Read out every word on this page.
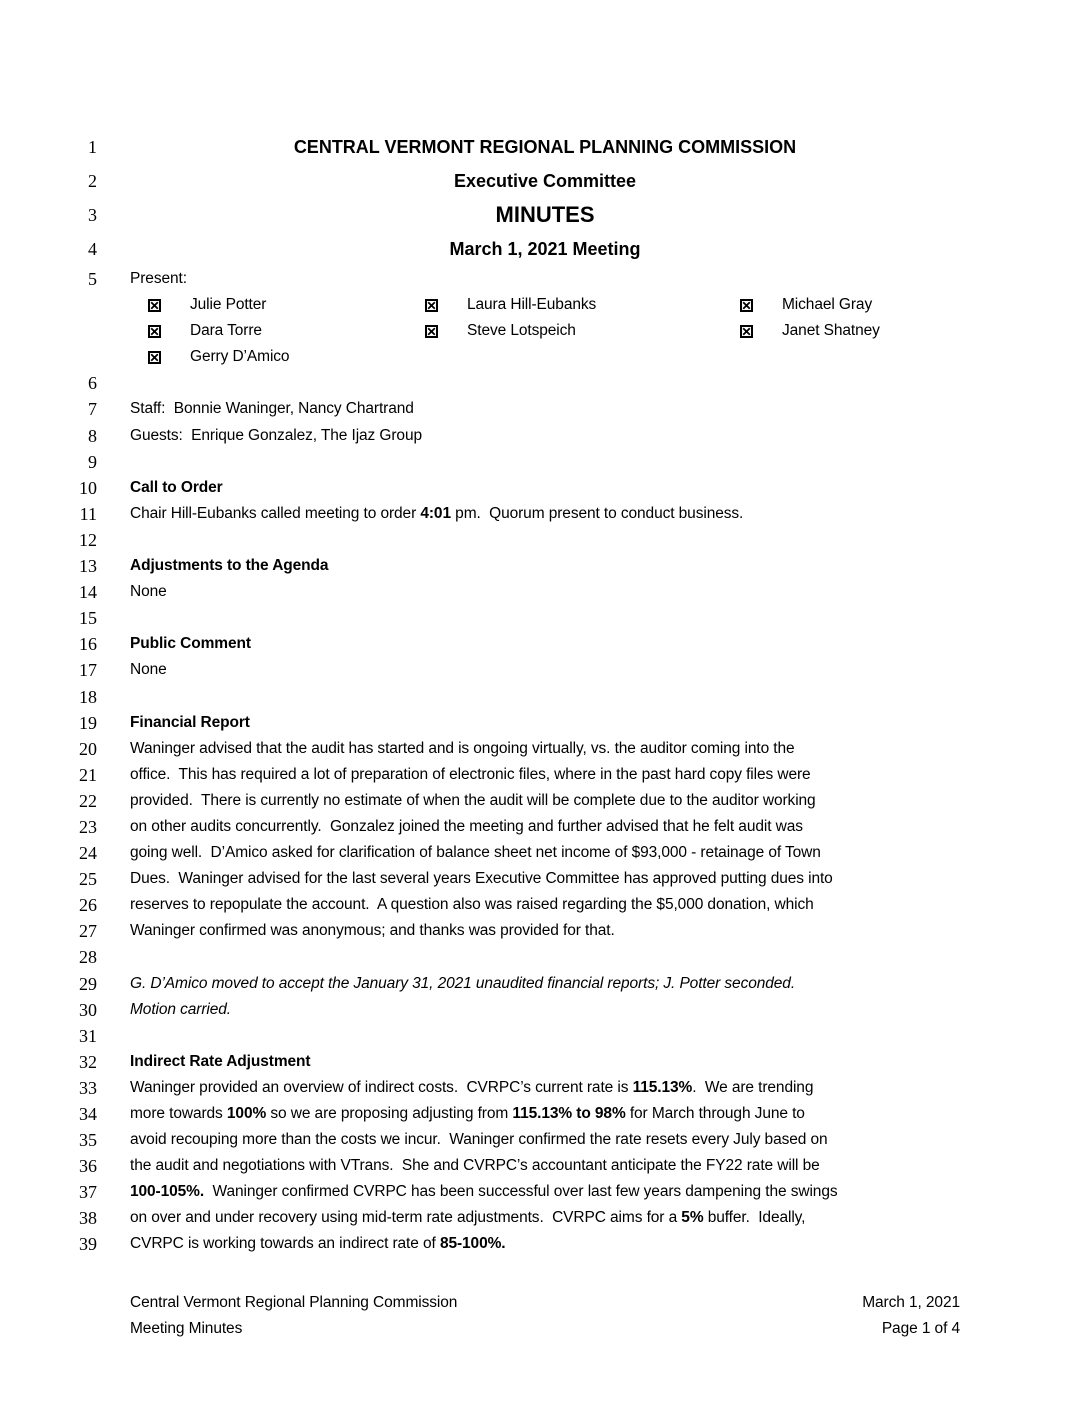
1	CENTRAL VERMONT REGIONAL PLANNING COMMISSION
2	Executive Committee
3	MINUTES
4	March 1, 2021 Meeting
5 Present:
Julie Potter	Laura Hill-Eubanks	Michael Gray
Dara Torre	Steve Lotspeich	Janet Shatney
Gerry D’Amico
6
7 Staff:  Bonnie Waninger, Nancy Chartrand
8 Guests:  Enrique Gonzalez, The Ijaz Group
9
10 Call to Order
11 Chair Hill-Eubanks called meeting to order 4:01 pm.  Quorum present to conduct business.
12
13 Adjustments to the Agenda
14 None
15
16 Public Comment
17 None
18
19 Financial Report
20 Waninger advised that the audit has started and is ongoing virtually, vs. the auditor coming into the
21 office.  This has required a lot of preparation of electronic files, where in the past hard copy files were
22 provided.  There is currently no estimate of when the audit will be complete due to the auditor working
23 on other audits concurrently.  Gonzalez joined the meeting and further advised that he felt audit was
24 going well.  D’Amico asked for clarification of balance sheet net income of $93,000 - retainage of Town
25 Dues.  Waninger advised for the last several years Executive Committee has approved putting dues into
26 reserves to repopulate the account.  A question also was raised regarding the $5,000 donation, which
27 Waninger confirmed was anonymous; and thanks was provided for that.
28
29 G. D’Amico moved to accept the January 31, 2021 unaudited financial reports; J. Potter seconded.
30 Motion carried.
31
32 Indirect Rate Adjustment
33 Waninger provided an overview of indirect costs.  CVRPC’s current rate is 115.13%.  We are trending
34 more towards 100% so we are proposing adjusting from 115.13% to 98% for March through June to
35 avoid recouping more than the costs we incur.  Waninger confirmed the rate resets every July based on
36 the audit and negotiations with VTrans.  She and CVRPC’s accountant anticipate the FY22 rate will be
37 100-105%.  Waninger confirmed CVRPC has been successful over last few years dampening the swings
38 on over and under recovery using mid-term rate adjustments.  CVRPC aims for a 5% buffer.  Ideally,
39 CVRPC is working towards an indirect rate of 85-100%.
Central Vermont Regional Planning Commission
Meeting Minutes
March 1, 2021
Page 1 of 4
